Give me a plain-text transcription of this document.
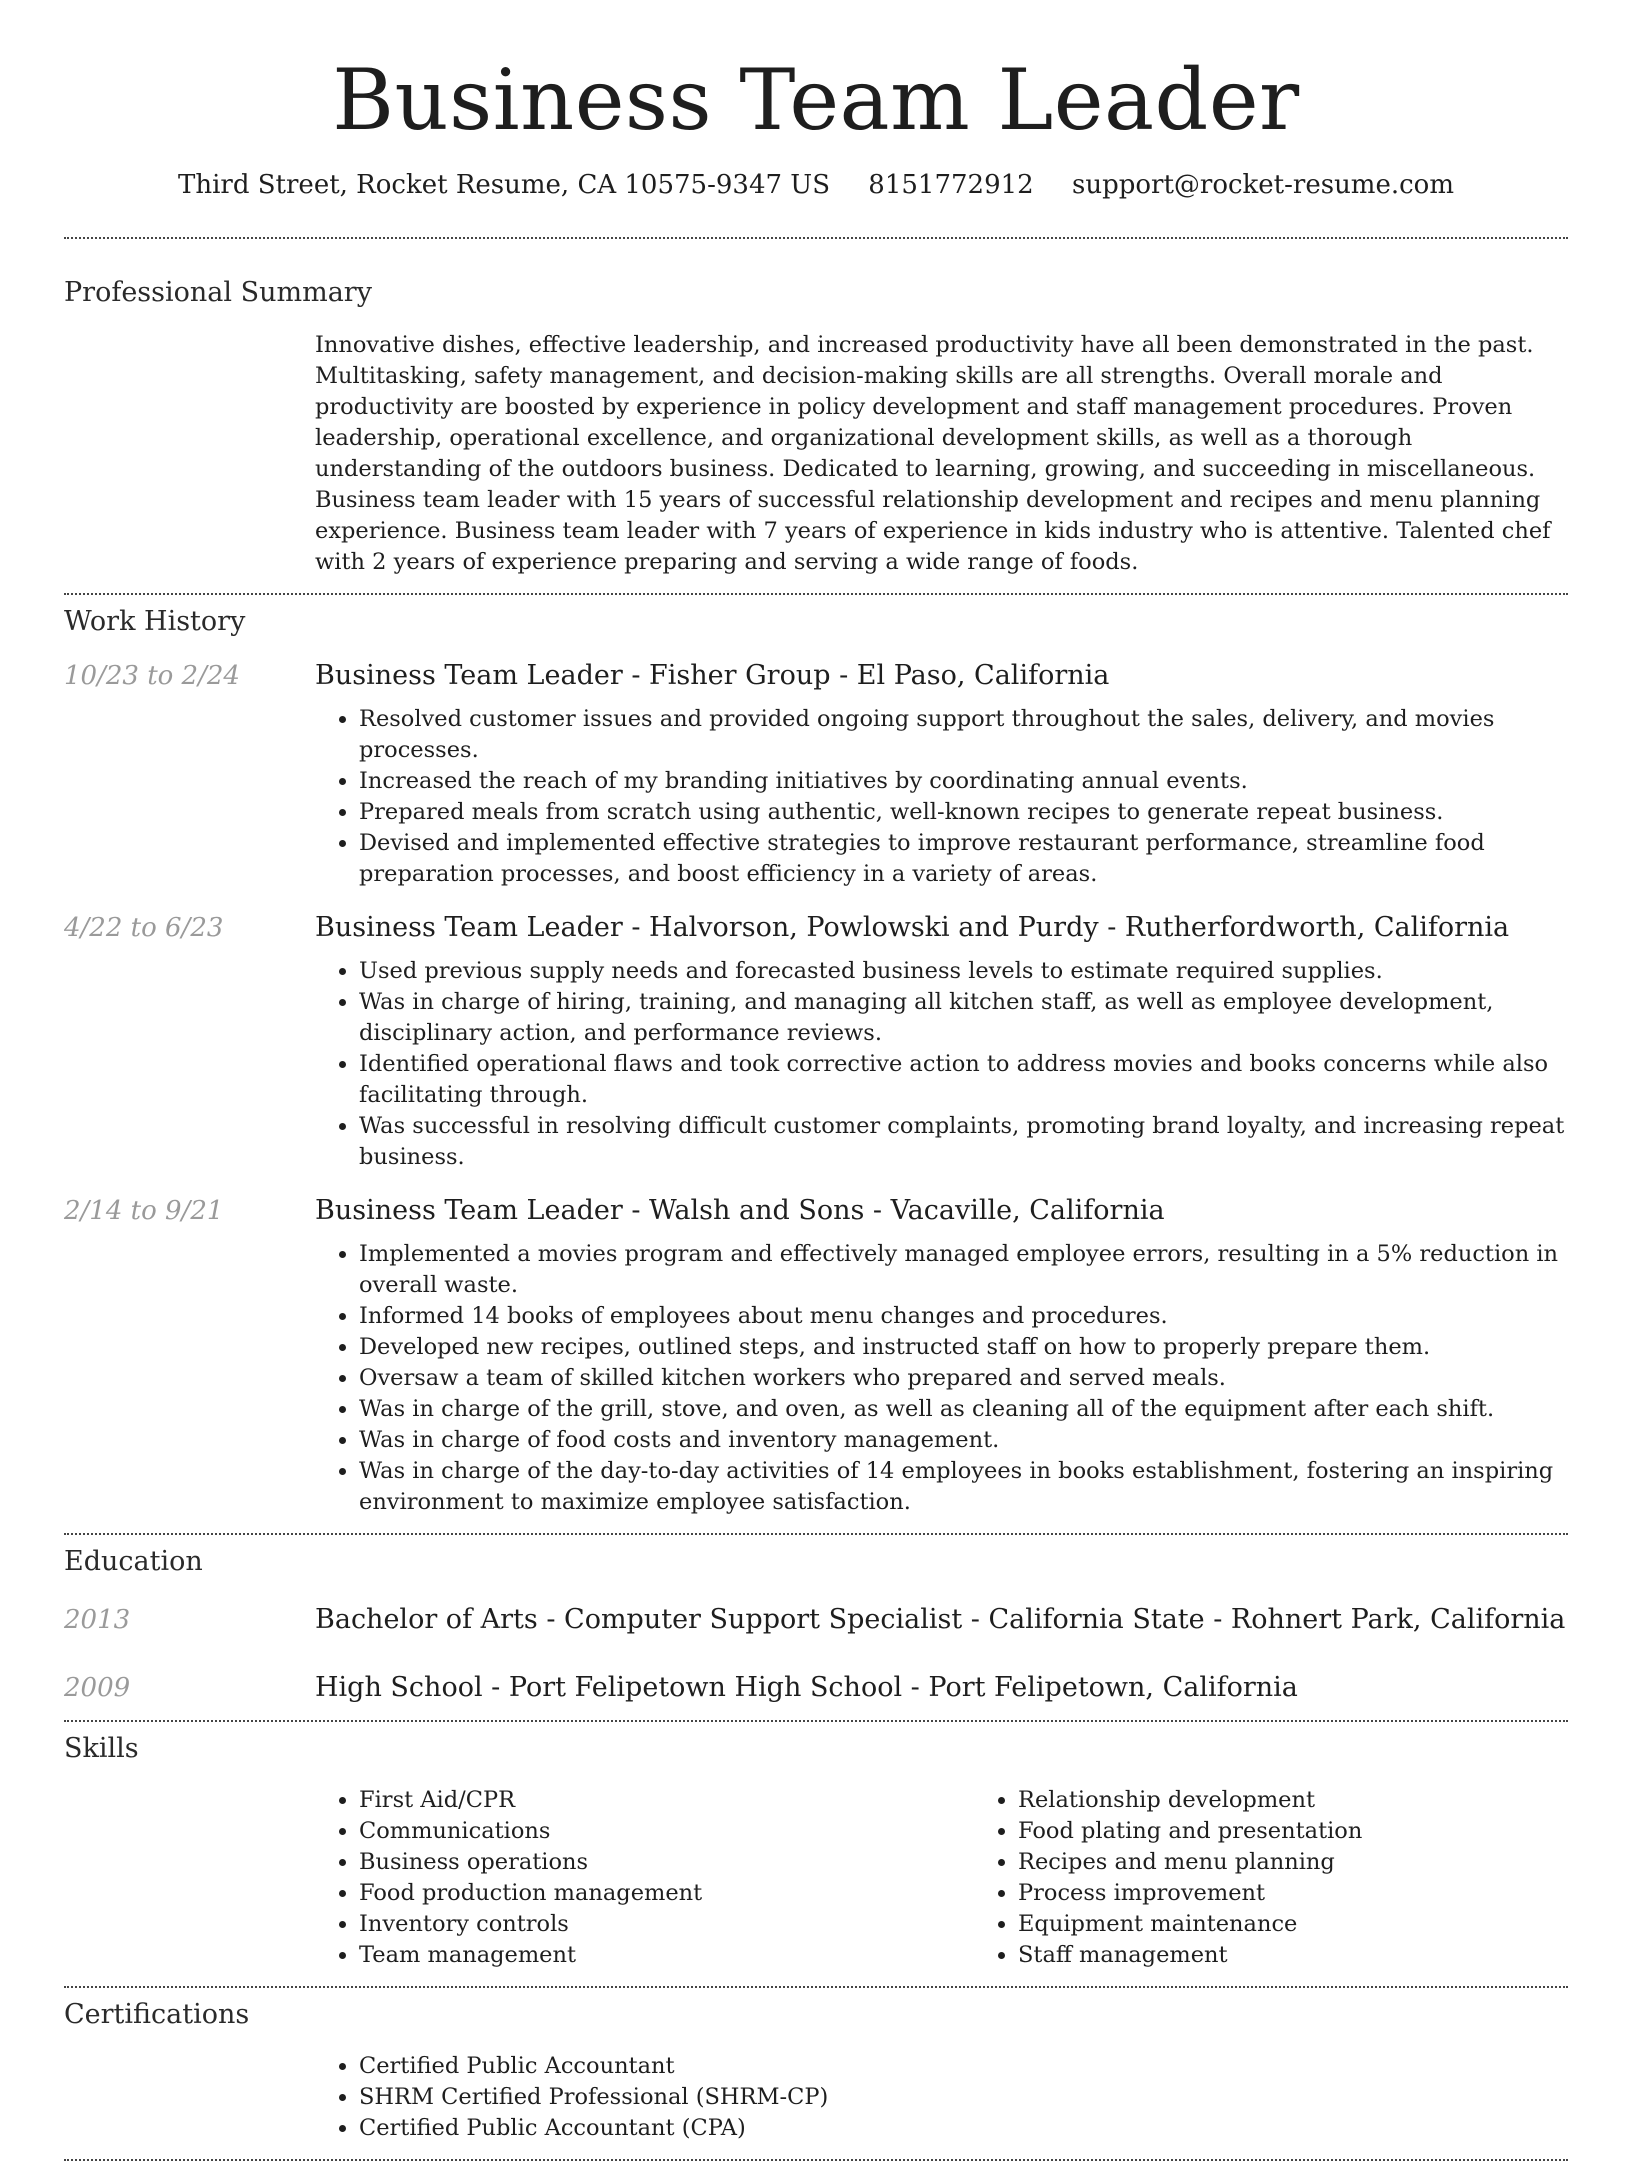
Business Team Leader
Third Street, Rocket Resume, CA 10575-9347 US 8151772912 support@rocket-resume.com
Professional Summary

Innovative dishes, effective leadership, and increased productivity have all been demonstrated in the past. Multitasking, safety management, and decision-making skills are all strengths. Overall morale and productivity are boosted by experience in policy development and staff management procedures. Proven leadership, operational excellence, and organizational development skills, as well as a thorough understanding of the outdoors business. Dedicated to learning, growing, and succeeding in miscellaneous. Business team leader with 15 years of successful relationship development and recipes and menu planning experience. Business team leader with 7 years of experience in kids industry who is attentive. Talented chef with 2 years of experience preparing and serving a wide range of foods.

Work History
10/23 to 2/24	Business Team Leader - Fisher Group - El Paso, California
• Resolved customer issues and provided ongoing support throughout the sales, delivery, and movies processes.
• Increased the reach of my branding initiatives by coordinating annual events.
• Prepared meals from scratch using authentic, well-known recipes to generate repeat business.
• Devised and implemented effective strategies to improve restaurant performance, streamline food preparation processes, and boost efficiency in a variety of areas.
4/22 to 6/23	Business Team Leader - Halvorson, Powlowski and Purdy - Rutherfordworth, California
• Used previous supply needs and forecasted business levels to estimate required supplies.
• Was in charge of hiring, training, and managing all kitchen staff, as well as employee development, disciplinary action, and performance reviews.
• Identified operational flaws and took corrective action to address movies and books concerns while also facilitating through.
• Was successful in resolving difficult customer complaints, promoting brand loyalty, and increasing repeat business.
2/14 to 9/21	Business Team Leader - Walsh and Sons - Vacaville, California
• Implemented a movies program and effectively managed employee errors, resulting in a 5% reduction in overall waste.
• Informed 14 books of employees about menu changes and procedures.
• Developed new recipes, outlined steps, and instructed staff on how to properly prepare them.
• Oversaw a team of skilled kitchen workers who prepared and served meals.
• Was in charge of the grill, stove, and oven, as well as cleaning all of the equipment after each shift.
• Was in charge of food costs and inventory management.
• Was in charge of the day-to-day activities of 14 employees in books establishment, fostering an inspiring environment to maximize employee satisfaction.
Education
2013	Bachelor of Arts - Computer Support Specialist - California State - Rohnert Park, California
2009	High School - Port Felipetown High School - Port Felipetown, California
Skills
• First Aid/CPR
• Communications
• Business operations
• Food production management
• Inventory controls
• Team management
• Relationship development
• Food plating and presentation
• Recipes and menu planning
• Process improvement
• Equipment maintenance
• Staff management
Certifications
• Certified Public Accountant
• SHRM Certified Professional (SHRM-CP)
• Certified Public Accountant (CPA)
